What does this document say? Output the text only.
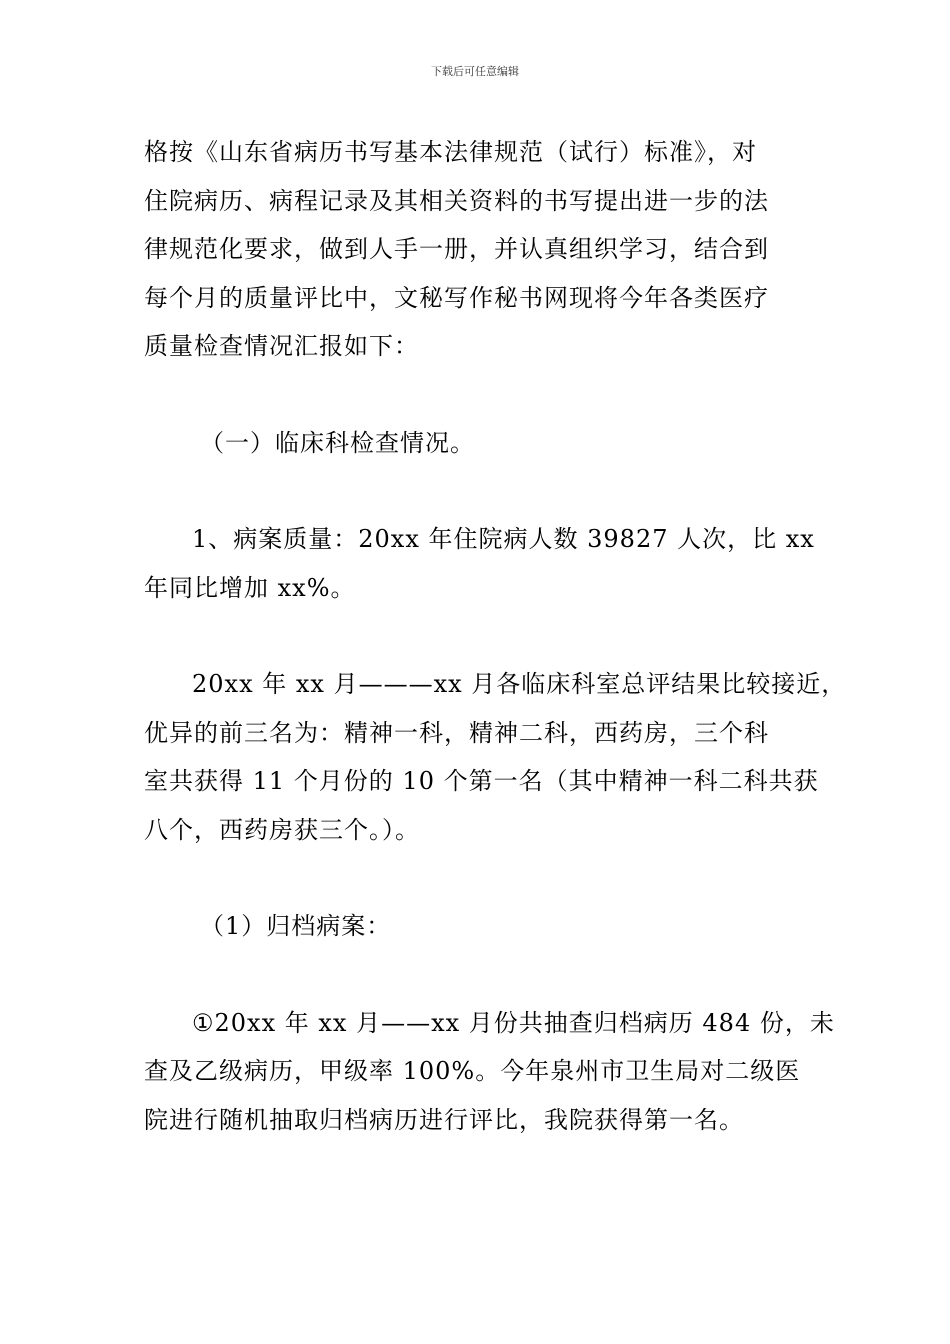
下载后可任意编辑

格按《山东省病历书写基本法律规范（试行）标准》，对

住院病历、病程记录及其相关资料的书写提出进一步的法

律规范化要求，做到人手一册，并认真组织学习，结合到

每个月的质量评比中，文秘写作秘书网现将今年各类医疗

质量检查情况汇报如下：

（一）临床科检查情况。

1、病案质量：20xx 年住院病人数 39827 人次，比 xx

年同比增加 xx%。

20xx 年 xx 月———xx 月各临床科室总评结果比较接近，

优异的前三名为：精神一科，精神二科，西药房，三个科

室共获得 11 个月份的 10 个第一名（其中精神一科二科共获

八个，西药房获三个。）。

（1）归档病案：

①20xx 年 xx 月——xx 月份共抽查归档病历 484 份，未

查及乙级病历，甲级率 100%。今年泉州市卫生局对二级医

院进行随机抽取归档病历进行评比，我院获得第一名。
